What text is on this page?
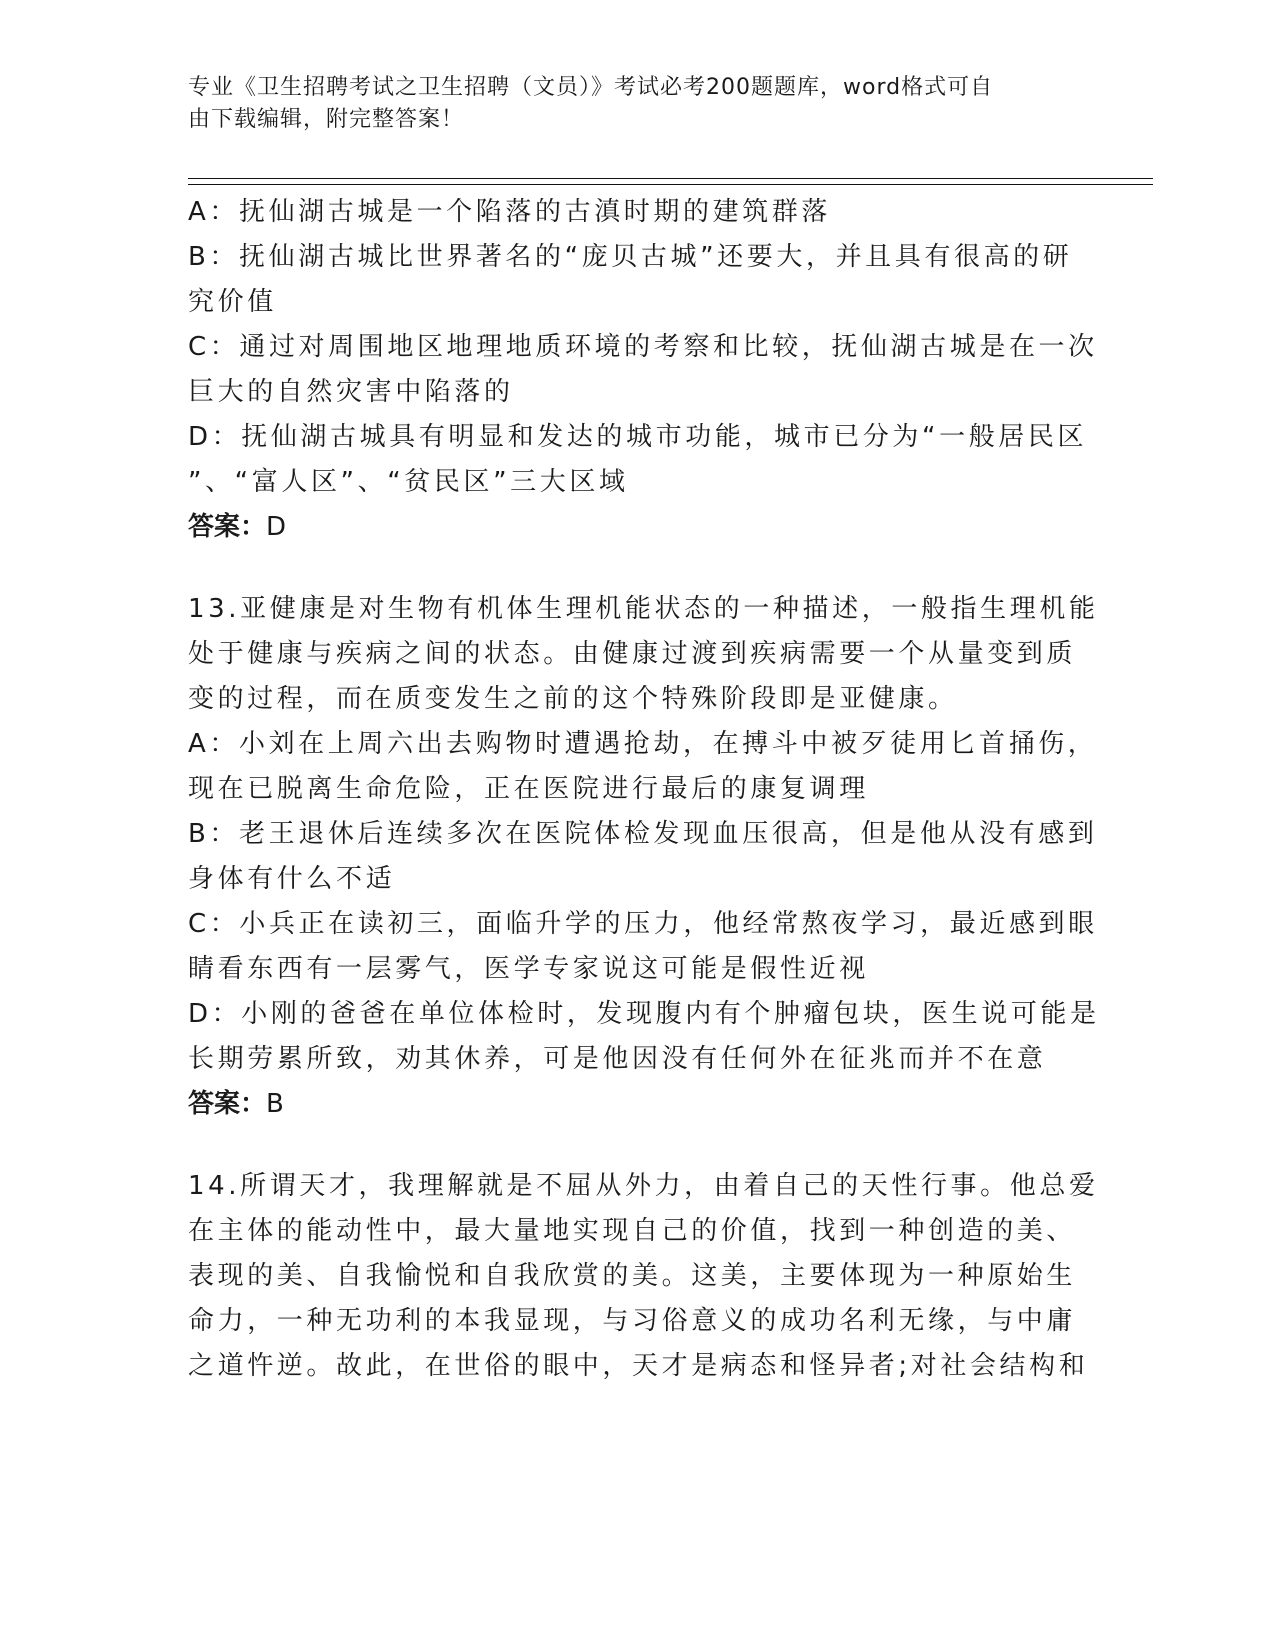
专业《卫生招聘考试之卫生招聘（文员）》考试必考200题题库，word格式可自
由下载编辑，附完整答案！
A：抚仙湖古城是一个陷落的古滇时期的建筑群落
B：抚仙湖古城比世界著名的“庞贝古城”还要大，并且具有很高的研
究价值
C：通过对周围地区地理地质环境的考察和比较，抚仙湖古城是在一次
巨大的自然灾害中陷落的
D：抚仙湖古城具有明显和发达的城市功能，城市已分为“一般居民区
”、“富人区”、“贫民区”三大区域
答案：D
13.亚健康是对生物有机体生理机能状态的一种描述，一般指生理机能
处于健康与疾病之间的状态。由健康过渡到疾病需要一个从量变到质
变的过程，而在质变发生之前的这个特殊阶段即是亚健康。
A：小刘在上周六出去购物时遭遇抢劫，在搏斗中被歹徒用匕首捅伤，
现在已脱离生命危险，正在医院进行最后的康复调理
B：老王退休后连续多次在医院体检发现血压很高，但是他从没有感到
身体有什么不适
C：小兵正在读初三，面临升学的压力，他经常熬夜学习，最近感到眼
睛看东西有一层雾气，医学专家说这可能是假性近视
D：小刚的爸爸在单位体检时，发现腹内有个肿瘤包块，医生说可能是
长期劳累所致，劝其休养，可是他因没有任何外在征兆而并不在意
答案：B
14.所谓天才，我理解就是不屈从外力，由着自己的天性行事。他总爱
在主体的能动性中，最大量地实现自己的价值，找到一种创造的美、
表现的美、自我愉悦和自我欣赏的美。这美，主要体现为一种原始生
命力，一种无功利的本我显现，与习俗意义的成功名利无缘，与中庸
之道忤逆。故此，在世俗的眼中，天才是病态和怪异者;对社会结构和
